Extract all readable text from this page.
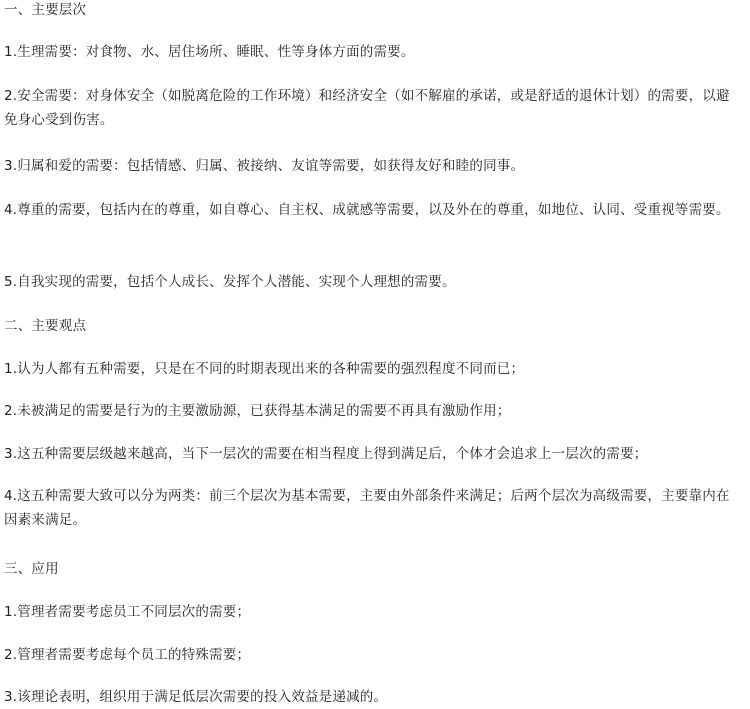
一、主要层次
1.生理需要：对食物、水、居住场所、睡眠、性等身体方面的需要。
2.安全需要：对身体安全（如脱离危险的工作环境）和经济安全（如不解雇的承诺，或是舒适的退休计划）的需要，以避免身心受到伤害。
3.归属和爱的需要：包括情感、归属、被接纳、友谊等需要，如获得友好和睦的同事。
4.尊重的需要，包括内在的尊重，如自尊心、自主权、成就感等需要，以及外在的尊重，如地位、认同、受重视等需要。
5.自我实现的需要，包括个人成长、发挥个人潜能、实现个人理想的需要。
二、主要观点
1.认为人都有五种需要，只是在不同的时期表现出来的各种需要的强烈程度不同而已；
2.未被满足的需要是行为的主要激励源，已获得基本满足的需要不再具有激励作用；
3.这五种需要层级越来越高，当下一层次的需要在相当程度上得到满足后，个体才会追求上一层次的需要；
4.这五种需要大致可以分为两类：前三个层次为基本需要，主要由外部条件来满足；后两个层次为高级需要，主要靠内在因素来满足。
三、应用
1.管理者需要考虑员工不同层次的需要；
2.管理者需要考虑每个员工的特殊需要；
3.该理论表明，组织用于满足低层次需要的投入效益是递减的。
